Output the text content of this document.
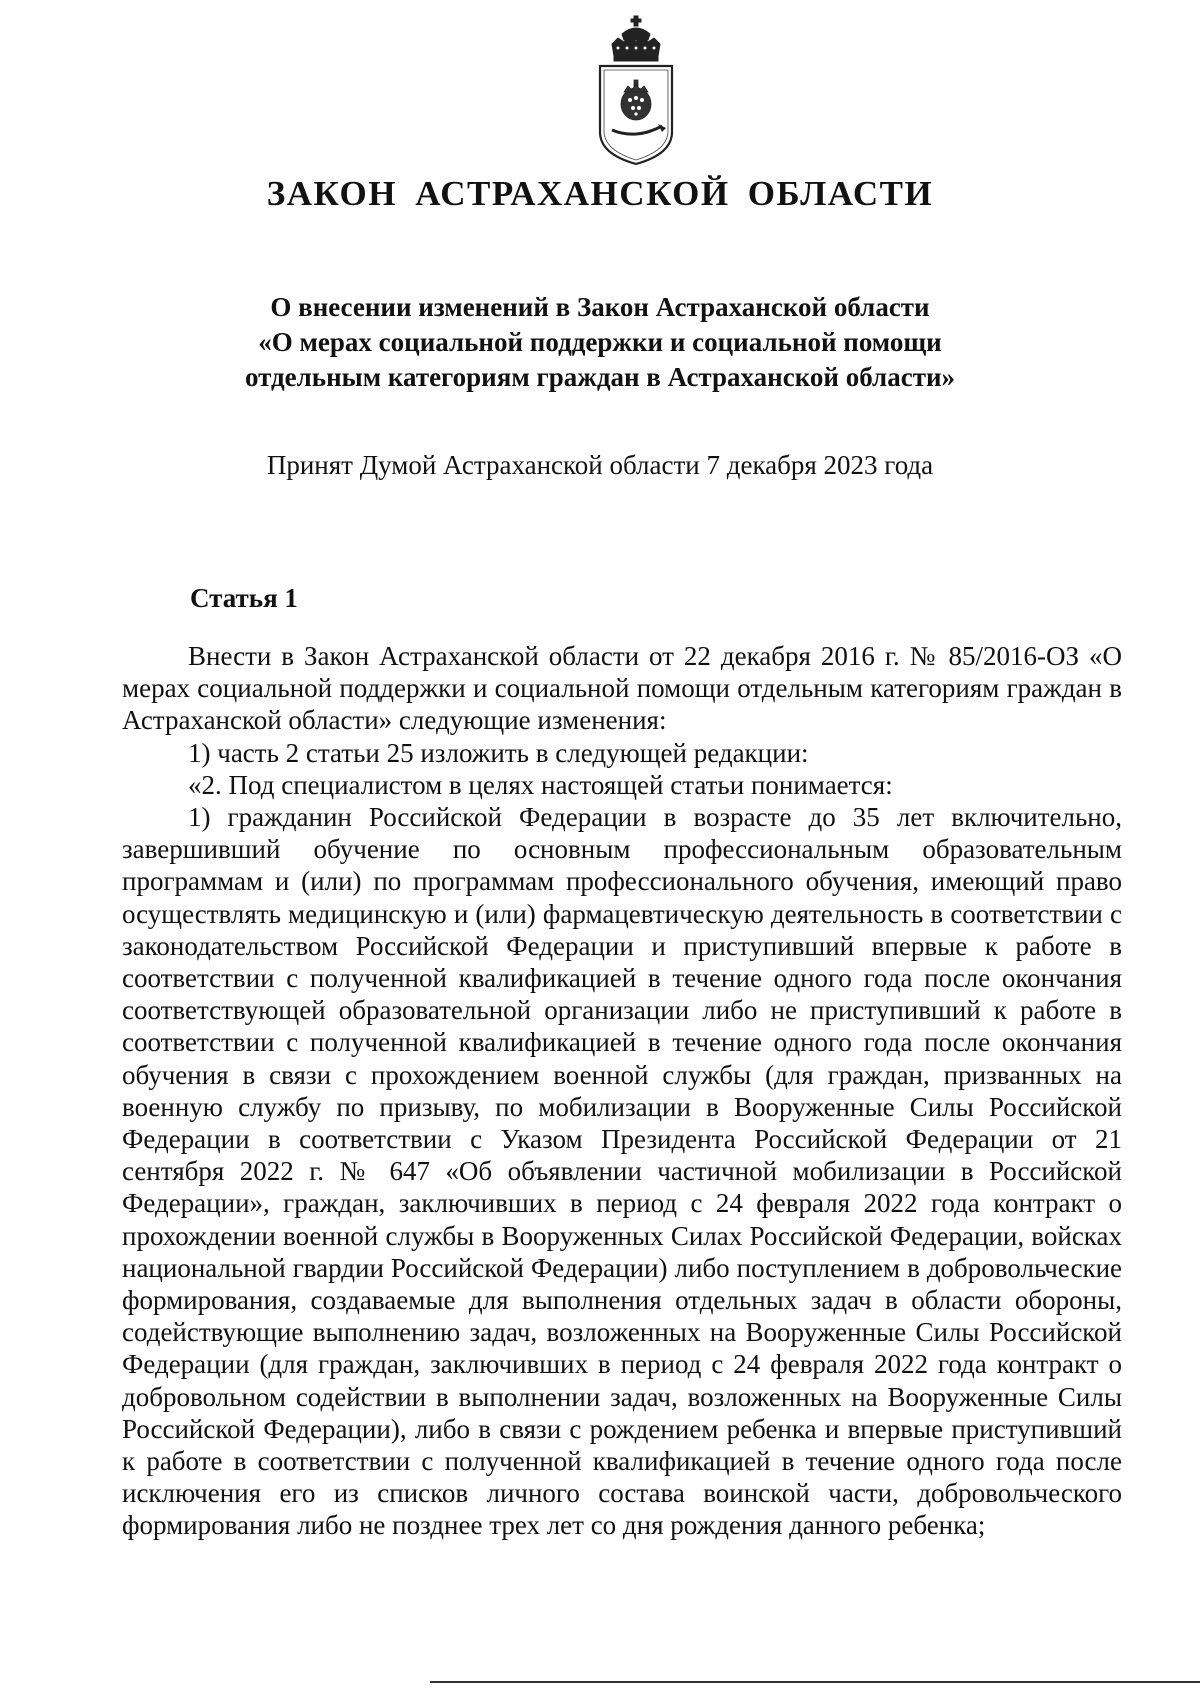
ЗАКОН АСТРАХАНСКОЙ ОБЛАСТИ
О внесении изменений в Закон Астраханской области
«О мерах социальной поддержки и социальной помощи
отдельным категориям граждан в Астраханской области»
Принят Думой Астраханской области 7 декабря 2023 года
Статья 1

Внести в Закон Астраханской области от 22 декабря 2016 г. № 85/2016-ОЗ «О мерах социальной поддержки и социальной помощи отдельным категориям граждан в Астраханской области» следующие изменения:

1) часть 2 статьи 25 изложить в следующей редакции:

«2. Под специалистом в целях настоящей статьи понимается:

1) гражданин Российской Федерации в возрасте до 35 лет включительно, завершивший обучение по основным профессиональным образовательным программам и (или) по программам профессионального обучения, имеющий право осуществлять медицинскую и (или) фармацевтическую деятельность в соответствии с законодательством Российской Федерации и приступивший впервые к работе в соответствии с полученной квалификацией в течение одного года после окончания соответствующей образовательной организации либо не приступивший к работе в соответствии с полученной квалификацией в течение одного года после окончания обучения в связи с прохождением военной службы (для граждан, призванных на военную службу по призыву, по мобилизации в Вооруженные Силы Российской Федерации в соответствии с Указом Президента Российской Федерации от 21 сентября 2022 г. № 647 «Об объявлении частичной мобилизации в Российской Федерации», граждан, заключивших в период с 24 февраля 2022 года контракт о прохождении военной службы в Вооруженных Силах Российской Федерации, войсках национальной гвардии Российской Федерации) либо поступлением в добровольческие формирования, создаваемые для выполнения отдельных задач в области обороны, содействующие выполнению задач, возложенных на Вооруженные Силы Российской Федерации (для граждан, заключивших в период с 24 февраля 2022 года контракт о добровольном содействии в выполнении задач, возложенных на Вооруженные Силы Российской Федерации), либо в связи с рождением ребенка и впервые приступивший к работе в соответствии с полученной квалификацией в течение одного года после исключения его из списков личного состава воинской части, добровольческого формирования либо не позднее трех лет со дня рождения данного ребенка;
